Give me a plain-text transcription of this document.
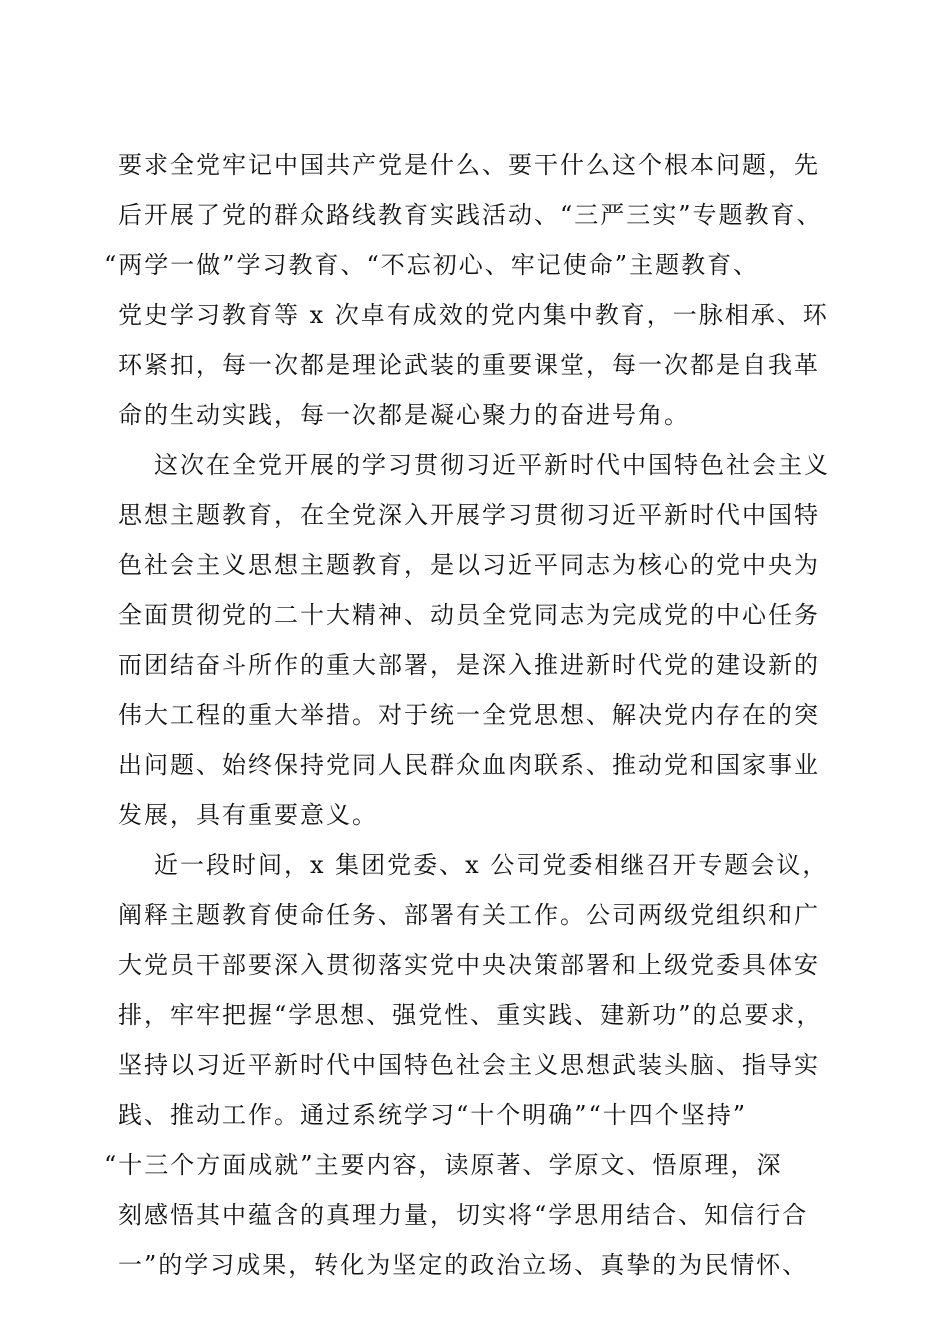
要求全党牢记中国共产党是什么、要干什么这个根本问题，先
后开展了党的群众路线教育实践活动、“三严三实”专题教育、
“两学一做”学习教育、“不忘初心、牢记使命”主题教育、
党史学习教育等 x 次卓有成效的党内集中教育，一脉相承、环
环紧扣，每一次都是理论武装的重要课堂，每一次都是自我革
命的生动实践，每一次都是凝心聚力的奋进号角。
这次在全党开展的学习贯彻习近平新时代中国特色社会主义
思想主题教育，在全党深入开展学习贯彻习近平新时代中国特
色社会主义思想主题教育，是以习近平同志为核心的党中央为
全面贯彻党的二十大精神、动员全党同志为完成党的中心任务
而团结奋斗所作的重大部署，是深入推进新时代党的建设新的
伟大工程的重大举措。对于统一全党思想、解决党内存在的突
出问题、始终保持党同人民群众血肉联系、推动党和国家事业
发展，具有重要意义。
近一段时间，x 集团党委、x 公司党委相继召开专题会议，
阐释主题教育使命任务、部署有关工作。公司两级党组织和广
大党员干部要深入贯彻落实党中央决策部署和上级党委具体安
排，牢牢把握“学思想、强党性、重实践、建新功”的总要求，
坚持以习近平新时代中国特色社会主义思想武装头脑、指导实
践、推动工作。通过系统学习“十个明确”“十四个坚持”
“十三个方面成就”主要内容，读原著、学原文、悟原理，深
刻感悟其中蕴含的真理力量，切实将“学思用结合、知信行合
一”的学习成果，转化为坚定的政治立场、真挚的为民情怀、
